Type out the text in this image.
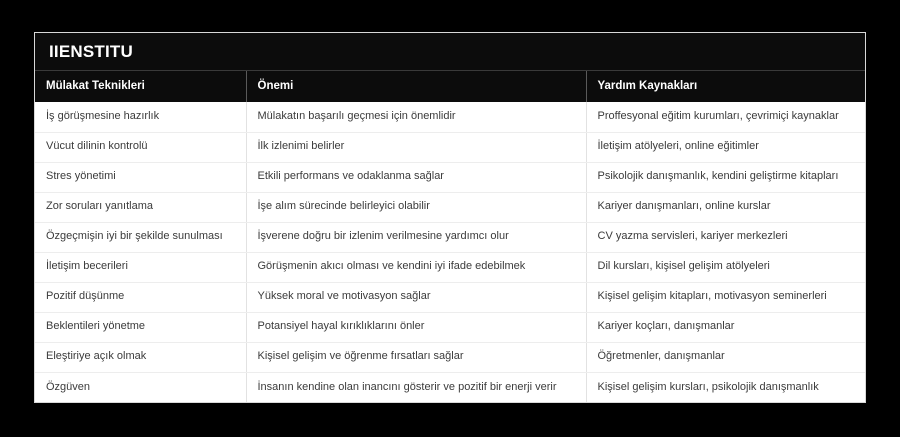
IIENSTITU
Mülakat Teknikleri	Önemi	Yardım Kaynakları
İş görüşmesine hazırlık	Mülakatın başarılı geçmesi için önemlidir	Proffesyonal eğitim kurumları, çevrimiçi kaynaklar
Vücut dilinin kontrolü	İlk izlenimi belirler	İletişim atölyeleri, online eğitimler
Stres yönetimi	Etkili performans ve odaklanma sağlar	Psikolojik danışmanlık, kendini geliştirme kitapları
Zor soruları yanıtlama	İşe alım sürecinde belirleyici olabilir	Kariyer danışmanları, online kurslar
Özgeçmişin iyi bir şekilde sunulması	İşverene doğru bir izlenim verilmesine yardımcı olur	CV yazma servisleri, kariyer merkezleri
İletişim becerileri	Görüşmenin akıcı olması ve kendini iyi ifade edebilmek	Dil kursları, kişisel gelişim atölyeleri
Pozitif düşünme	Yüksek moral ve motivasyon sağlar	Kişisel gelişim kitapları, motivasyon seminerleri
Beklentileri yönetme	Potansiyel hayal kırıklıklarını önler	Kariyer koçları, danışmanlar
Eleştiriye açık olmak	Kişisel gelişim ve öğrenme fırsatları sağlar	Öğretmenler, danışmanlar
Özgüven	İnsanın kendine olan inancını gösterir ve pozitif bir enerji verir	Kişisel gelişim kursları, psikolojik danışmanlık
